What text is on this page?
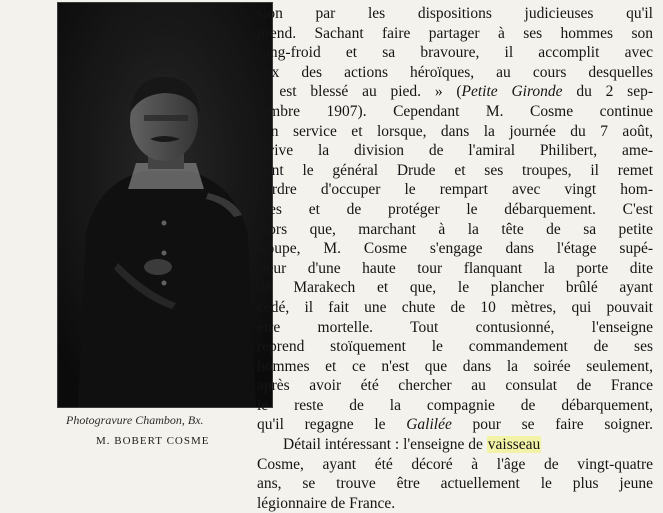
Photogravure Chambon, Bx.
M. BOBERT COSME
sion par les dispositions judicieuses qu'il
prend. Sachant faire partager à ses hommes son
sang-froid et sa bravoure, il accomplit avec
eux des actions héroïques, au cours desquelles
il est blessé au pied. » (Petite Gironde du 2 sep-
tembre 1907). Cependant M. Cosme continue
son service et lorsque, dans la journée du 7 août,
arrive la division de l'amiral Philibert, ame-
nant le général Drude et ses troupes, il remet
l'ordre d'occuper le rempart avec vingt hom-
mes et de protéger le débarquement. C'est
alors que, marchant à la tête de sa petite
troupe, M. Cosme s'engage dans l'étage supé-
rieur d'une haute tour flanquant la porte dite
de Marakech et que, le plancher brûlé ayant
cédé, il fait une chute de 10 mètres, qui pouvait
être mortelle. Tout contusionné, l'enseigne
reprend stoïquement le commandement de ses
hommes et ce n'est que dans la soirée seulement,
après avoir été chercher au consulat de France
le reste de la compagnie de débarquement,
qu'il regagne le Galilée pour se faire soigner.
Détail intéressant : l'enseigne de vaisseau
Cosme, ayant été décoré à l'âge de vingt-quatre
ans, se trouve être actuellement le plus jeune
légionnaire de France.
